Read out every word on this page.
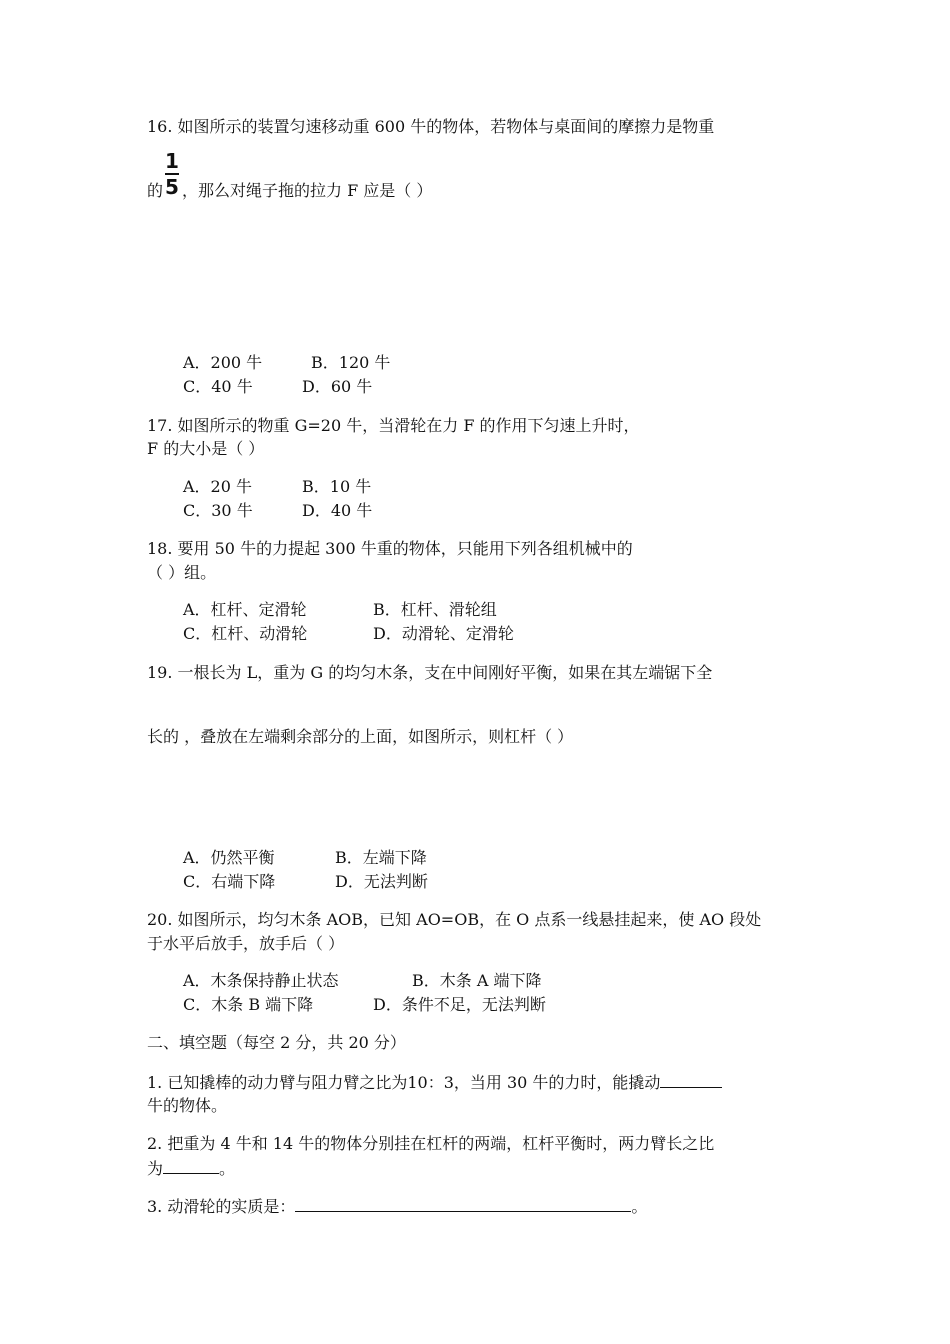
16. 如图所示的装置匀速移动重 600 牛的物体，若物体与桌面间的摩擦力是物重
1
5
的 ，那么对绳子拖的拉力 F 应是（ ）
A．200 牛	B．120 牛
C．40 牛	D．60 牛
17. 如图所示的物重 G=20 牛，当滑轮在力 F 的作用下匀速上升时，
F 的大小是（ ）
A．20 牛	B．10 牛
C．30 牛	D．40 牛
18. 要用 50 牛的力提起 300 牛重的物体，只能用下列各组机械中的
（ ）组。
A．杠杆、定滑轮	B．杠杆、滑轮组
C．杠杆、动滑轮	D．动滑轮、定滑轮
19. 一根长为 L，重为 G 的均匀木条，支在中间刚好平衡，如果在其左端锯下全
长的 ，叠放在左端剩余部分的上面，如图所示，则杠杆（ ）
A．仍然平衡	B．左端下降
C．右端下降	D．无法判断
20. 如图所示，均匀木条 AOB，已知 AO=OB，在 O 点系一线悬挂起来，使 AO 段处
于水平后放手，放手后（ ）
A．木条保持静止状态	B．木条 A 端下降
C．木条 B 端下降	D．条件不足，无法判断
二、填空题（每空 2 分，共 20 分）
1. 已知撬棒的动力臂与阻力臂之比为10：3，当用 30 牛的力时，能撬动
牛的物体。
2. 把重为 4 牛和 14 牛的物体分别挂在杠杆的两端，杠杆平衡时，两力臂长之比
为	。
3. 动滑轮的实质是：	。
